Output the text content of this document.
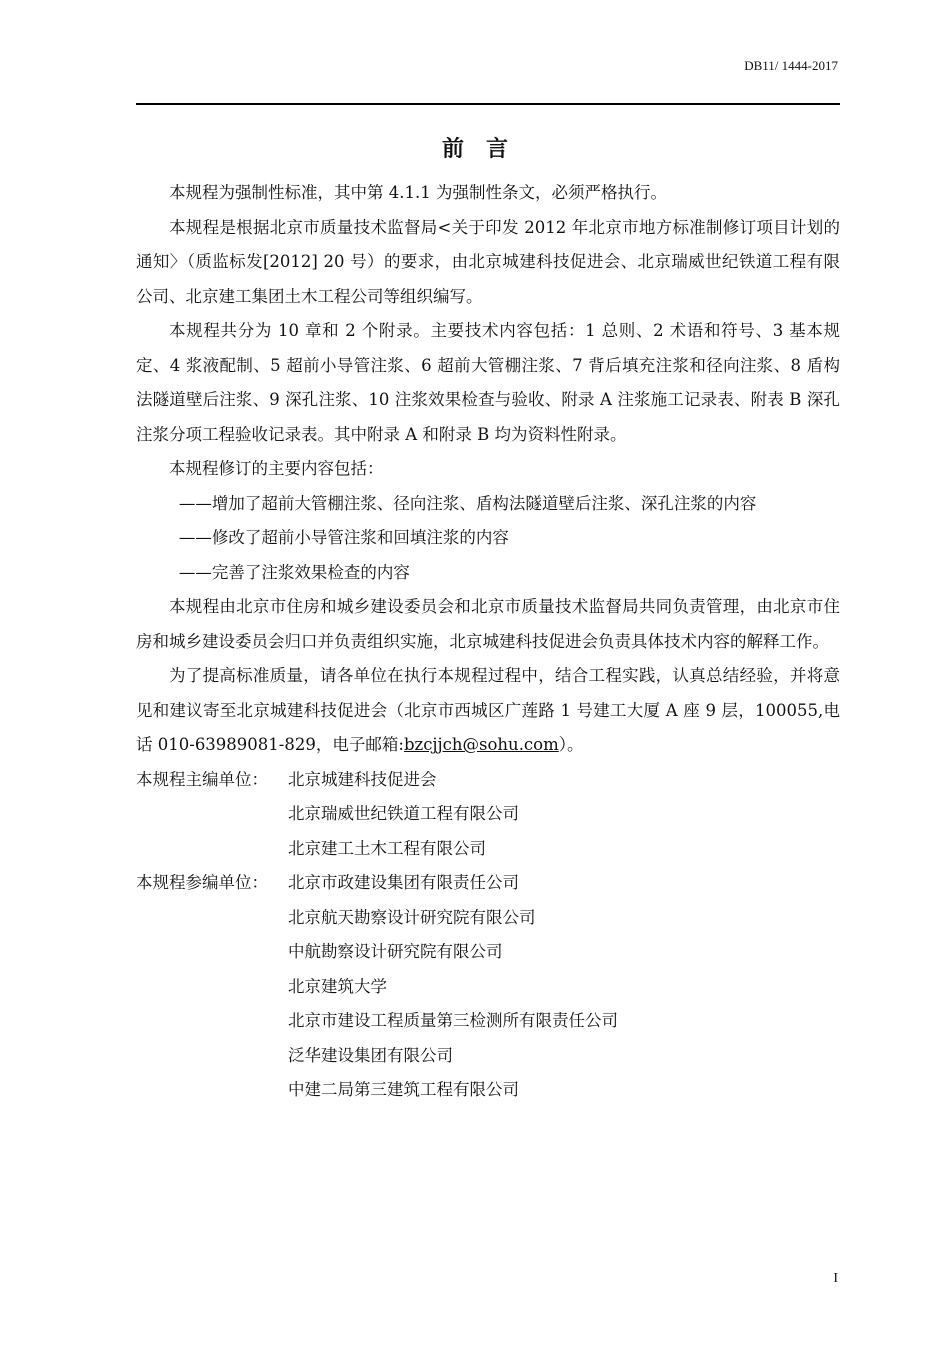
DB11/ 1444-2017
前言

本规程为强制性标准，其中第 4.1.1 为强制性条文，必须严格执行。

本规程是根据北京市质量技术监督局<关于印发 2012 年北京市地方标准制修订项目计划的通知〉（质监标发[2012] 20 号）的要求，由北京城建科技促进会、北京瑞威世纪铁道工程有限公司、北京建工集团土木工程公司等组织编写。

本规程共分为 10 章和 2 个附录。主要技术内容包括：1 总则、2 术语和符号、3 基本规定、4 浆液配制、5 超前小导管注浆、6 超前大管棚注浆、7 背后填充注浆和径向注浆、8 盾构法隧道壁后注浆、9 深孔注浆、10 注浆效果检查与验收、附录 A 注浆施工记录表、附表 B 深孔注浆分项工程验收记录表。其中附录 A 和附录 B 均为资料性附录。

本规程修订的主要内容包括：

——增加了超前大管棚注浆、径向注浆、盾构法隧道壁后注浆、深孔注浆的内容

——修改了超前小导管注浆和回填注浆的内容

——完善了注浆效果检查的内容

本规程由北京市住房和城乡建设委员会和北京市质量技术监督局共同负责管理，由北京市住房和城乡建设委员会归口并负责组织实施，北京城建科技促进会负责具体技术内容的解释工作。

为了提高标准质量，请各单位在执行本规程过程中，结合工程实践，认真总结经验，并将意见和建议寄至北京城建科技促进会（北京市西城区广莲路 1 号建工大厦 A 座 9 层，100055,电话 010-63989081-829，电子邮箱:bzcjjch@sohu.com）。

本规程主编单位： 北京城建科技促进会

北京瑞威世纪铁道工程有限公司

北京建工土木工程有限公司

本规程参编单位： 北京市政建设集团有限责任公司

北京航天勘察设计研究院有限公司

中航勘察设计研究院有限公司

北京建筑大学

北京市建设工程质量第三检测所有限责任公司

泛华建设集团有限公司

中建二局第三建筑工程有限公司

I
